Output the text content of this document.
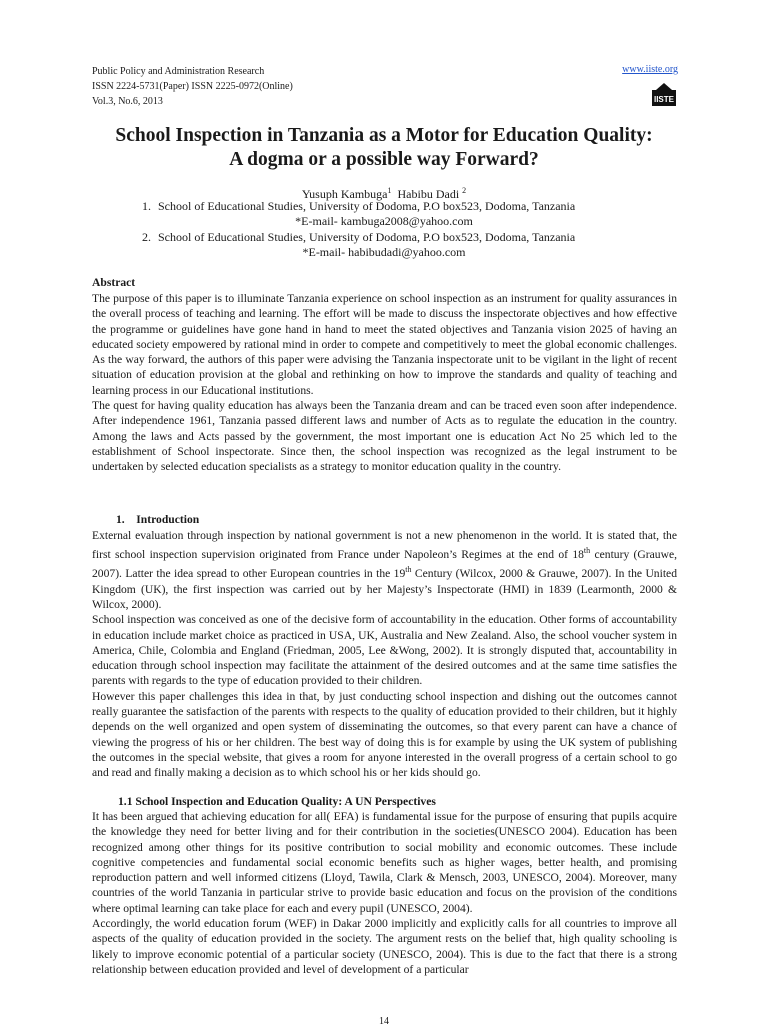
Public Policy and Administration Research
ISSN 2224-5731(Paper) ISSN 2225-0972(Online)
Vol.3, No.6, 2013
www.iiste.org
IISTE
School Inspection in Tanzania as a Motor for Education Quality:
A dogma or a possible way Forward?
Yusuph Kambuga$^1$ Habibu Dadi $^2$
1. School of Educational Studies, University of Dodoma, P.O box523, Dodoma, Tanzania
*E-mail- kambuga2008@yahoo.com
2. School of Educational Studies, University of Dodoma, P.O box523, Dodoma, Tanzania
*E-mail- habibudadi@yahoo.com
Abstract

The purpose of this paper is to illuminate Tanzania experience on school inspection as an instrument for quality assurances in the overall process of teaching and learning. The effort will be made to discuss the inspectorate objectives and how effective the programme or guidelines have gone hand in hand to meet the stated objectives and Tanzania vision 2025 of having an educated society empowered by rational mind in order to compete and competitively to meet the global economic challenges. As the way forward, the authors of this paper were advising the Tanzania inspectorate unit to be vigilant in the light of recent situation of education provision at the global and rethinking on how to improve the standards and quality of teaching and learning process in our Educational institutions.

The quest for having quality education has always been the Tanzania dream and can be traced even soon after independence. After independence 1961, Tanzania passed different laws and number of Acts as to regulate the education in the country. Among the laws and Acts passed by the government, the most important one is education Act No 25 which led to the establishment of School inspectorate. Since then, the school inspection was recognized as the legal instrument to be undertaken by selected education specialists as a strategy to monitor education quality in the country.

1.    Introduction

External evaluation through inspection by national government is not a new phenomenon in the world. It is stated that, the first school inspection supervision originated from France under Napoleon’s Regimes at the end of 18th century (Grauwe, 2007). Latter the idea spread to other European countries in the 19th Century (Wilcox, 2000 & Grauwe, 2007). In the United Kingdom (UK), the first inspection was carried out by her Majesty’s Inspectorate (HMI) in 1839 (Learmonth, 2000 & Wilcox, 2000).

School inspection was conceived as one of the decisive form of accountability in the education. Other forms of accountability in education include market choice as practiced in USA, UK, Australia and New Zealand. Also, the school voucher system in America, Chile, Colombia and England (Friedman, 2005, Lee &Wong, 2002). It is strongly disputed that, accountability in education through school inspection may facilitate the attainment of the desired outcomes and at the same time satisfies the parents with regards to the type of education provided to their children.

However this paper challenges this idea in that, by just conducting school inspection and dishing out the outcomes cannot really guarantee the satisfaction of the parents with respects to the quality of education provided to their children, but it highly depends on the well organized and open system of disseminating the outcomes, so that every parent can have a chance of viewing the progress of his or her children. The best way of doing this is for example by using the UK system of publishing the outcomes in the special website, that gives a room for anyone interested in the overall progress of a certain school to go and read and finally making a decision as to which school his or her kids should go.

1.1 School Inspection and Education Quality: A UN Perspectives

It has been argued that achieving education for all( EFA) is fundamental issue for the purpose of ensuring that pupils acquire the knowledge they need for better living and for their contribution in the societies(UNESCO 2004). Education has been recognized among other things for its positive contribution to social mobility and economic outcomes. These include cognitive competencies and fundamental social economic benefits such as higher wages, better health, and promising reproduction pattern and well informed citizens (Lloyd, Tawila, Clark & Mensch, 2003, UNESCO, 2004). Moreover, many countries of the world Tanzania in particular strive to provide basic education and focus on the provision of the conditions where optimal learning can take place for each and every pupil (UNESCO, 2004).

Accordingly, the world education forum (WEF) in Dakar 2000 implicitly and explicitly calls for all countries to improve all aspects of the quality of education provided in the society. The argument rests on the belief that, high quality schooling is likely to improve economic potential of a particular society (UNESCO, 2004). This is due to the fact that there is a strong relationship between education provided and level of development of a particular

14
